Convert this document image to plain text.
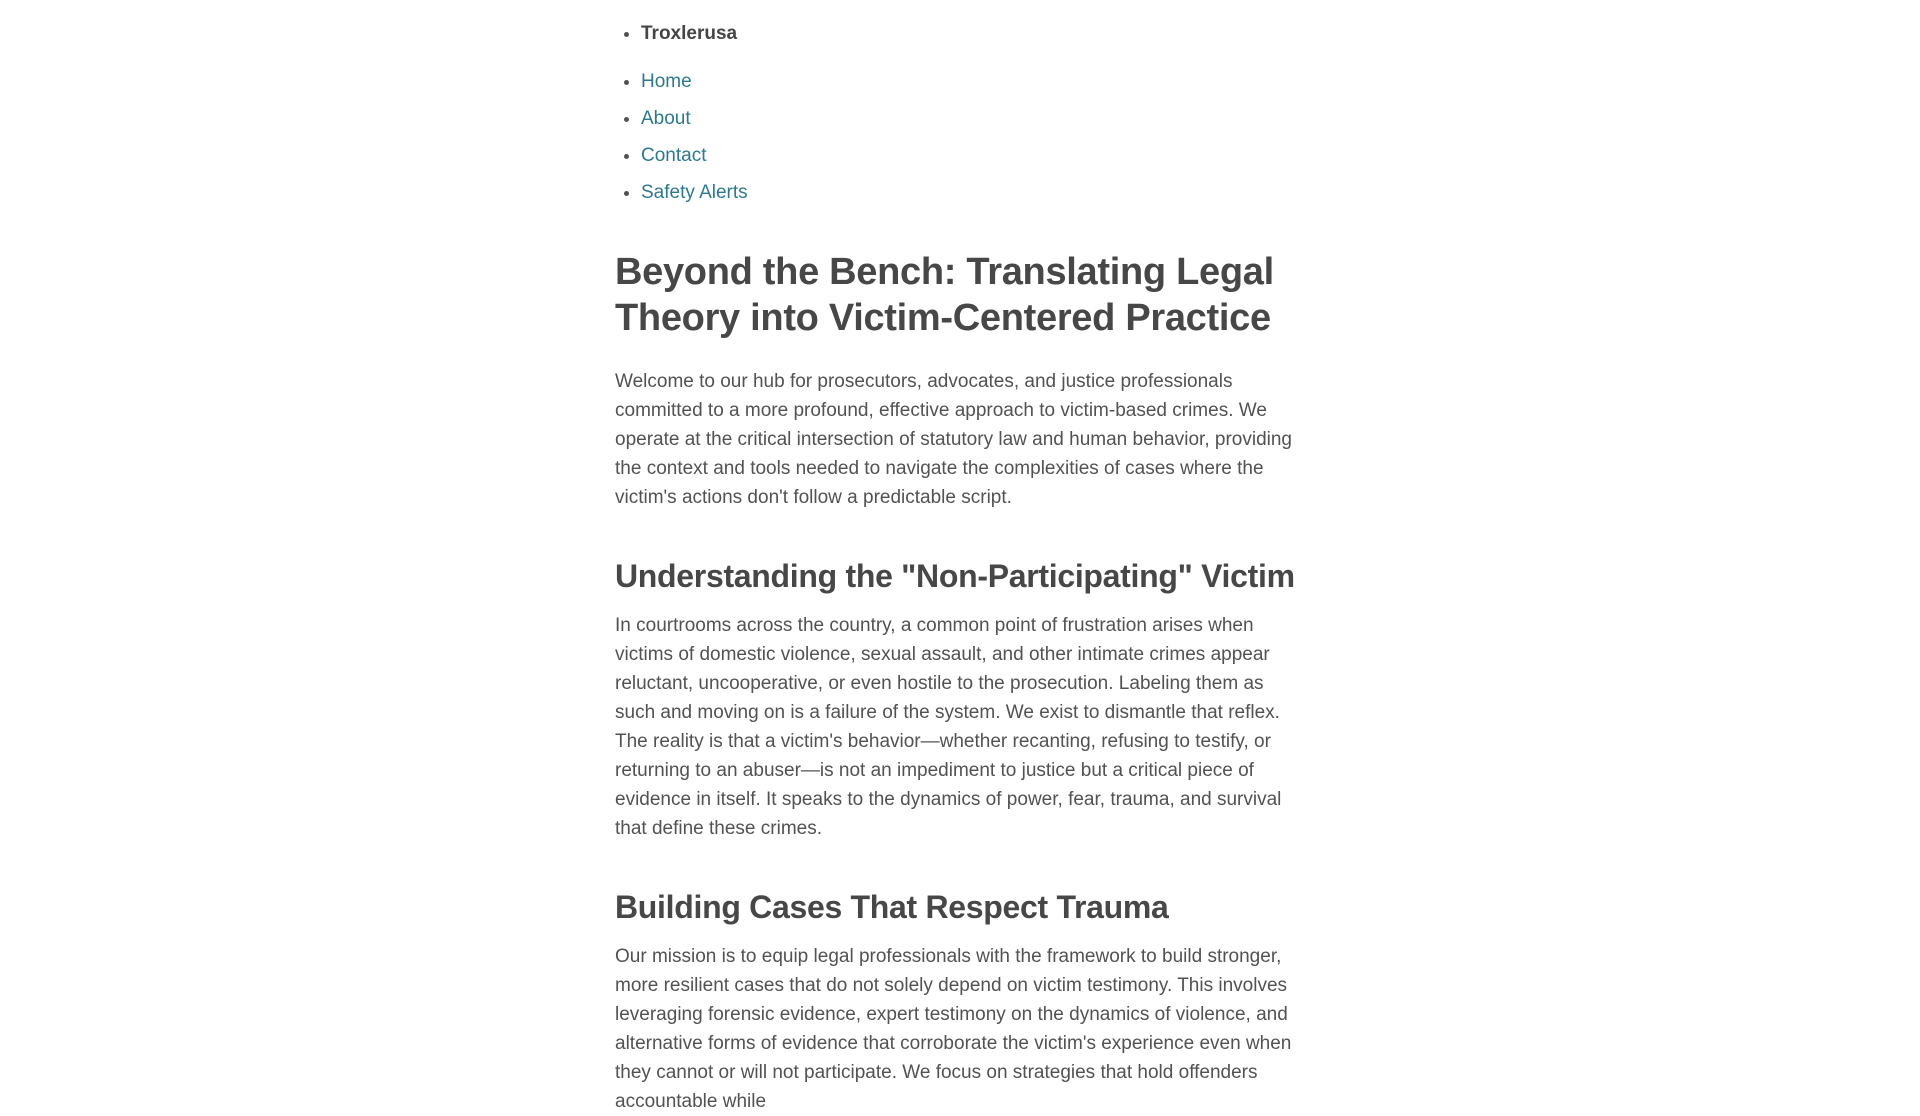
• Troxlerusa
• Home
• About
• Contact
• Safety Alerts
Beyond the Bench: Translating Legal Theory into Victim-Centered Practice

Welcome to our hub for prosecutors, advocates, and justice professionals committed to a more profound, effective approach to victim-based crimes. We operate at the critical intersection of statutory law and human behavior, providing the context and tools needed to navigate the complexities of cases where the victim's actions don't follow a predictable script.

Understanding the "Non-Participating" Victim

In courtrooms across the country, a common point of frustration arises when victims of domestic violence, sexual assault, and other intimate crimes appear reluctant, uncooperative, or even hostile to the prosecution. Labeling them as such and moving on is a failure of the system. We exist to dismantle that reflex. The reality is that a victim's behavior—whether recanting, refusing to testify, or returning to an abuser—is not an impediment to justice but a critical piece of evidence in itself. It speaks to the dynamics of power, fear, trauma, and survival that define these crimes.

Building Cases That Respect Trauma

Our mission is to equip legal professionals with the framework to build stronger, more resilient cases that do not solely depend on victim testimony. This involves leveraging forensic evidence, expert testimony on the dynamics of violence, and alternative forms of evidence that corroborate the victim's experience even when they cannot or will not participate. We focus on strategies that hold offenders accountable while
